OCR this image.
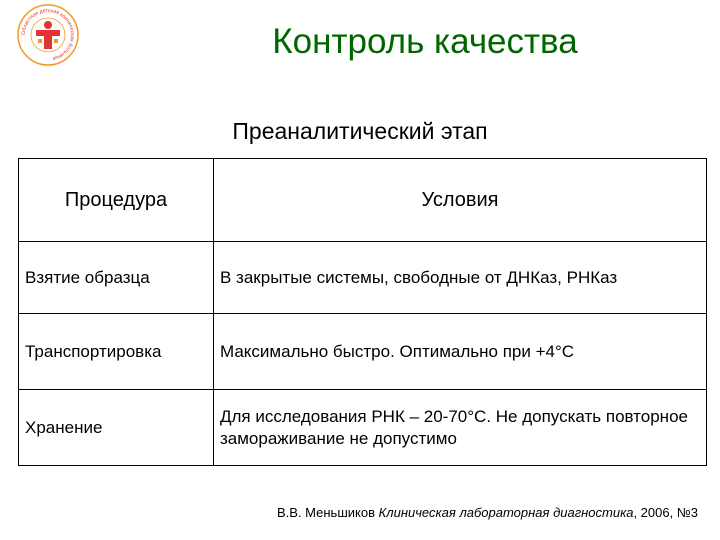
Областная детская клиническая больница	Контроль качества
Преаналитический этап
Процедура	Условия
Взятие образца	В закрытые системы, свободные от ДНКаз, РНКаз
Транспортировка	Максимально быстро. Оптимально при +4°С
Хранение	Для исследования РНК – 20-70°С. Не допускать повторное замораживание не допустимо
В.В. Меньшиков Клиническая лабораторная диагностика, 2006, №3
